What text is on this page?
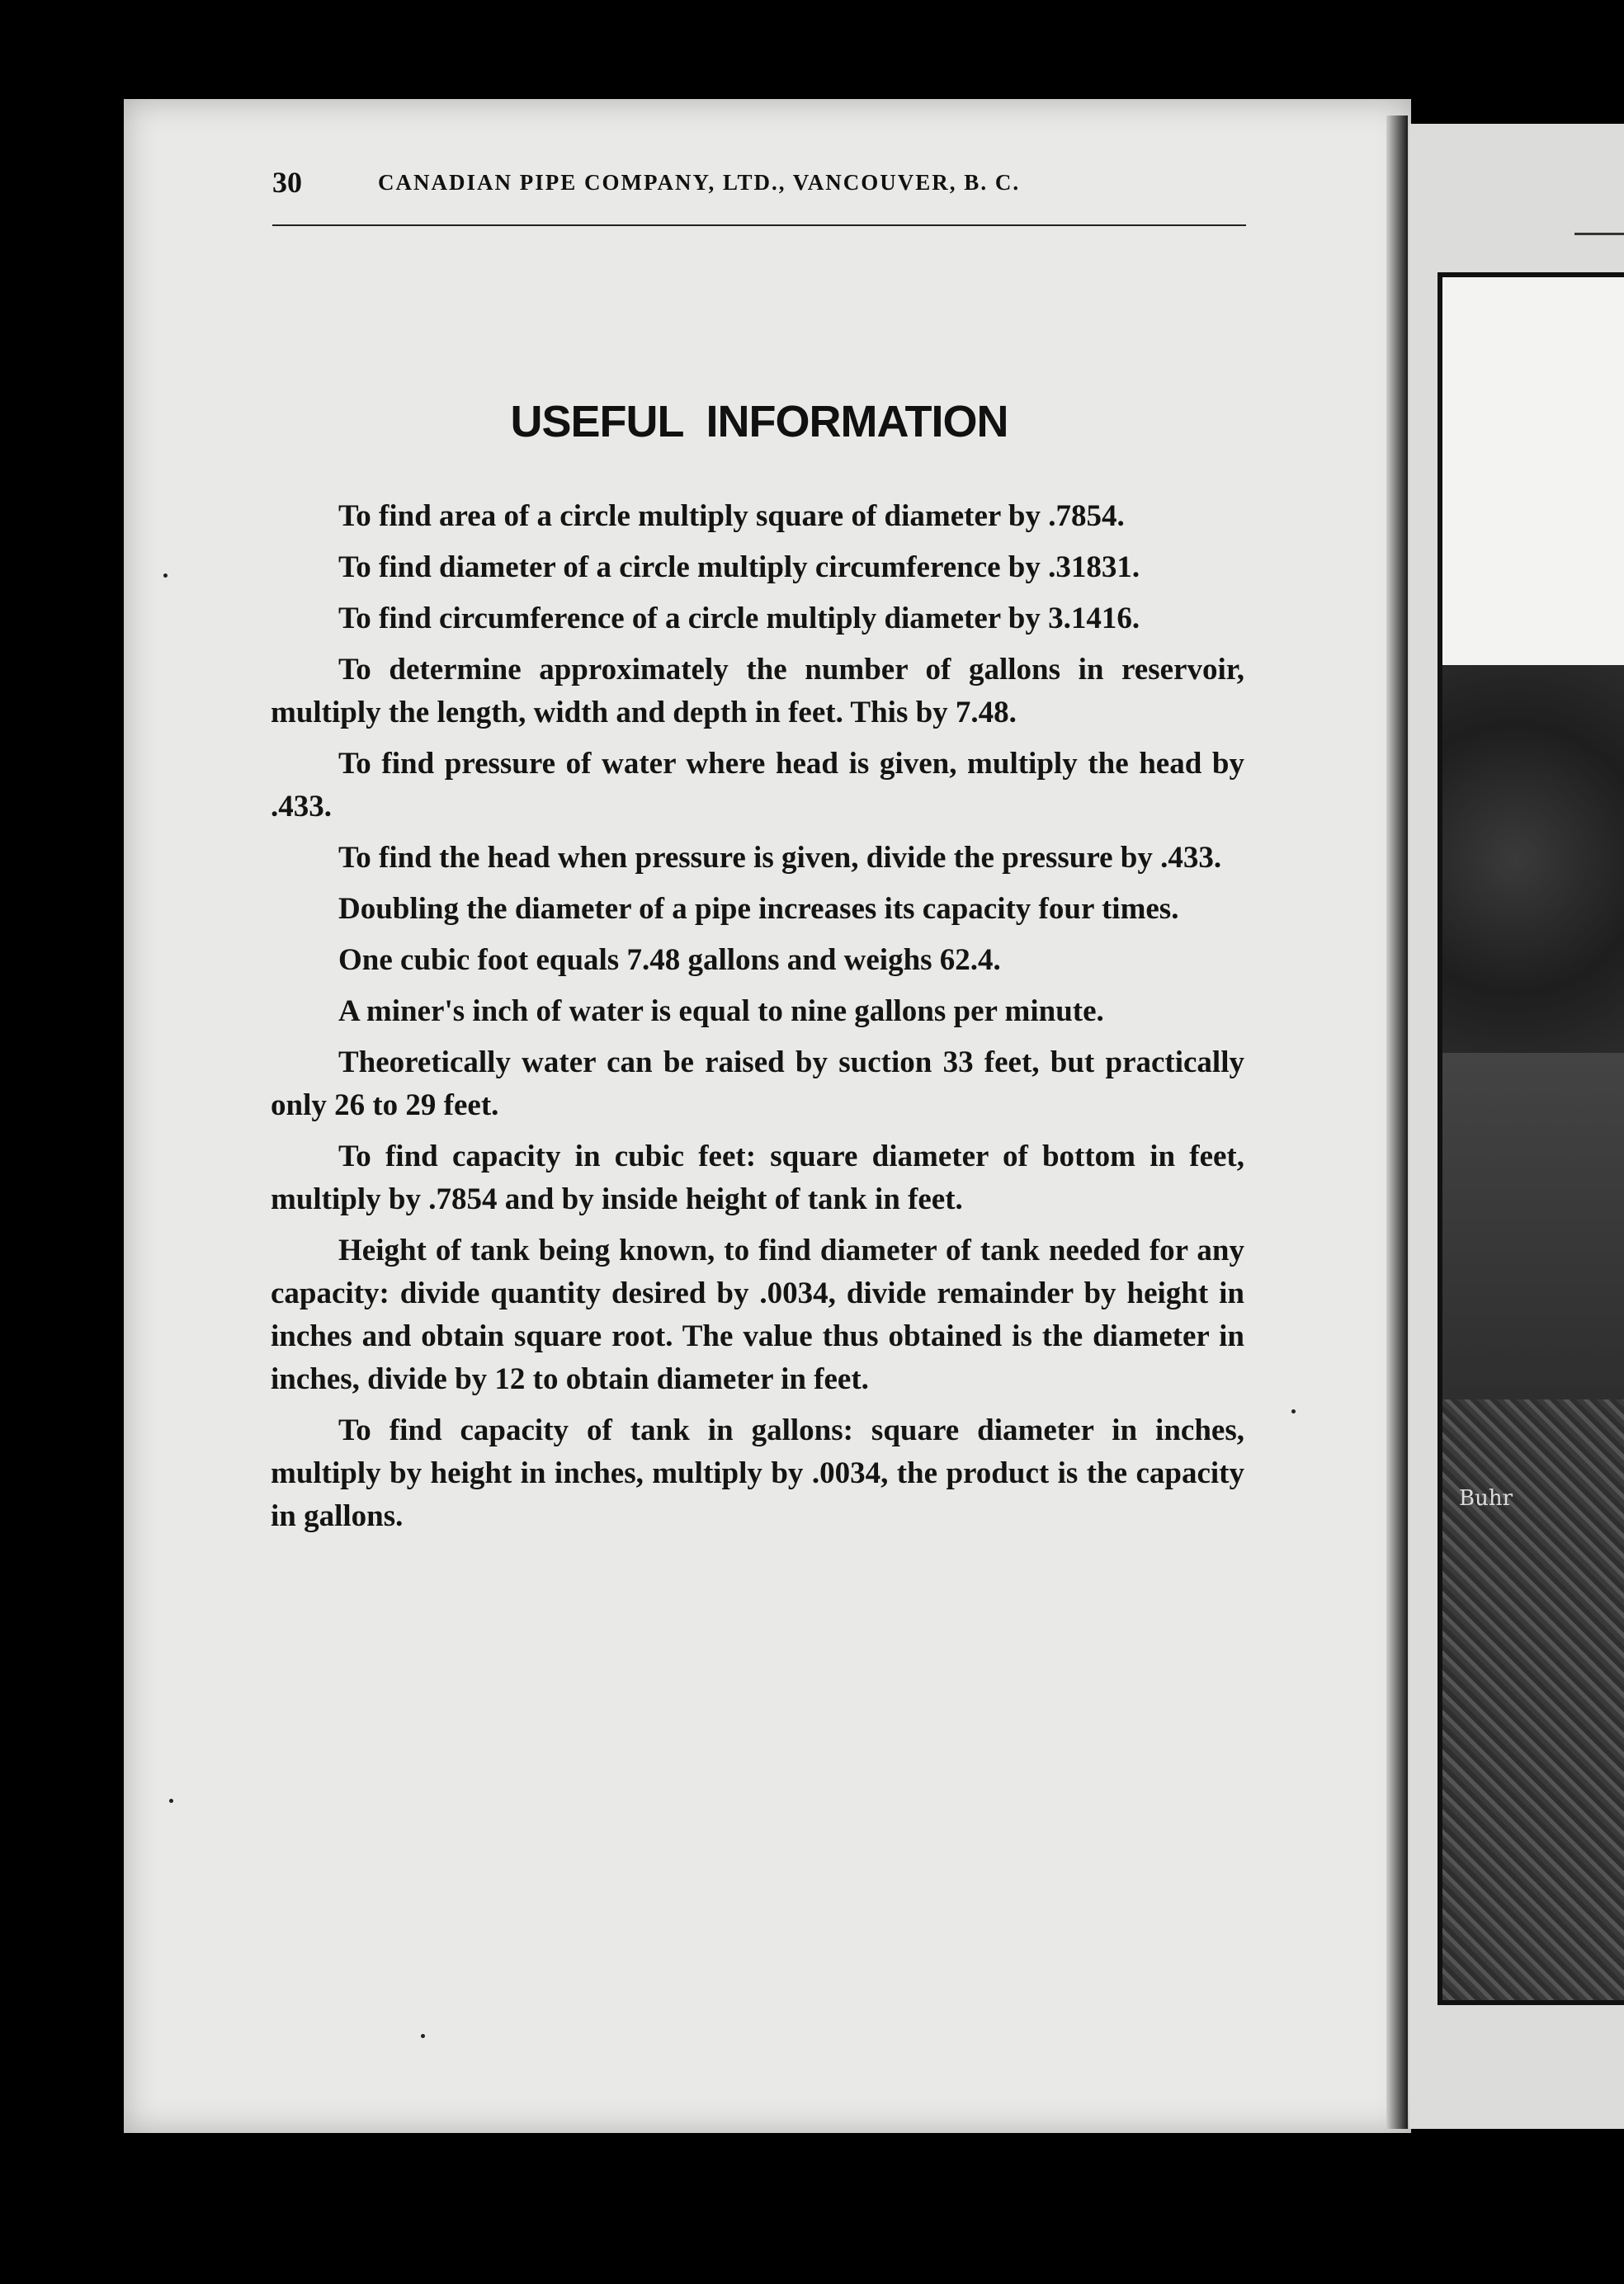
Buhr
30	CANADIAN PIPE COMPANY, LTD., VANCOUVER, B. C.
USEFUL INFORMATION

To find area of a circle multiply square of diameter by .7854.

To find diameter of a circle multiply circumference by .31831.

To find circumference of a circle multiply diameter by 3.1416.

To determine approximately the number of gallons in reservoir, multiply the length, width and depth in feet. This by 7.48.

To find pressure of water where head is given, multiply the head by .433.

To find the head when pressure is given, divide the pressure by .433.

Doubling the diameter of a pipe increases its capacity four times.

One cubic foot equals 7.48 gallons and weighs 62.4.

A miner's inch of water is equal to nine gallons per minute.

Theoretically water can be raised by suction 33 feet, but practically only 26 to 29 feet.

To find capacity in cubic feet: square diameter of bottom in feet, multiply by .7854 and by inside height of tank in feet.

Height of tank being known, to find diameter of tank needed for any capacity: divide quantity desired by .0034, divide remainder by height in inches and obtain square root. The value thus obtained is the diameter in inches, divide by 12 to obtain diameter in feet.

To find capacity of tank in gallons: square diameter in inches, multiply by height in inches, multiply by .0034, the product is the capacity in gallons.
